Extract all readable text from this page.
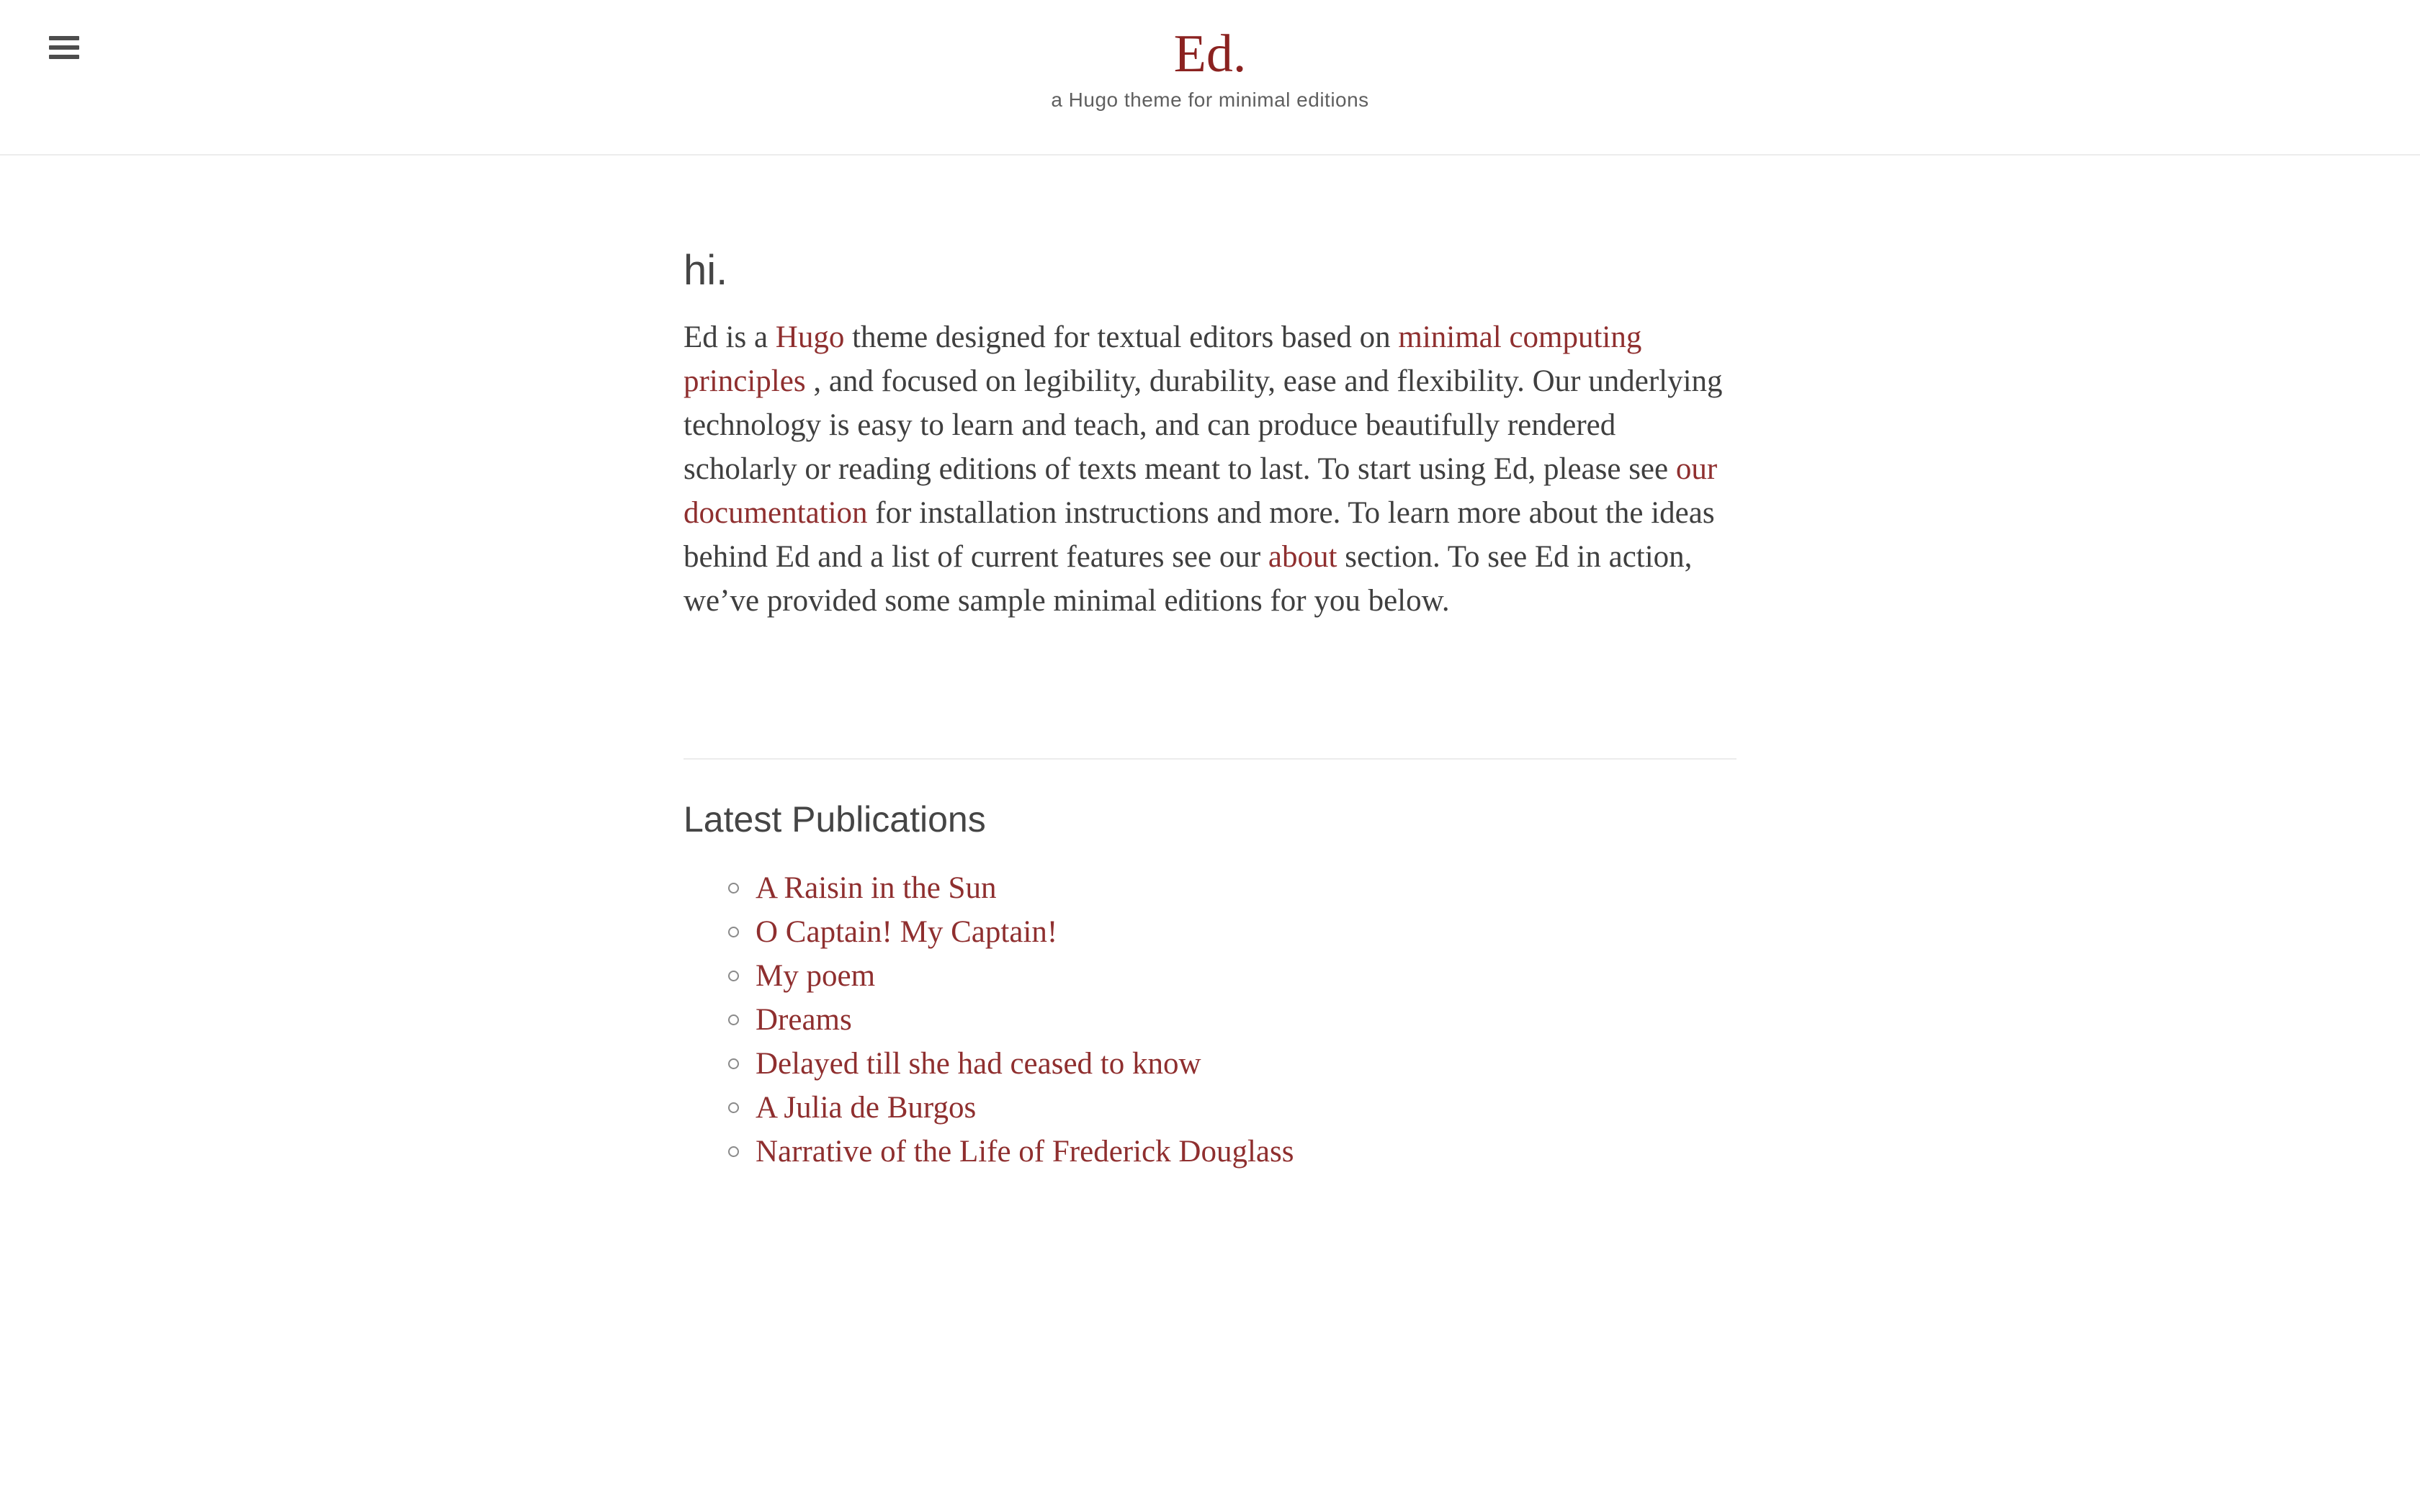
Ed.
a Hugo theme for minimal editions
hi.

Ed is a Hugo theme designed for textual editors based on minimal computing principles , and focused on legibility, durability, ease and flexibility. Our underlying technology is easy to learn and teach, and can produce beautifully rendered scholarly or reading editions of texts meant to last. To start using Ed, please see our documentation for installation instructions and more. To learn more about the ideas behind Ed and a list of current features see our about section. To see Ed in action, we’ve provided some sample minimal editions for you below.

Latest Publications
A Raisin in the Sun
O Captain! My Captain!
My poem
Dreams
Delayed till she had ceased to know
A Julia de Burgos
Narrative of the Life of Frederick Douglass
